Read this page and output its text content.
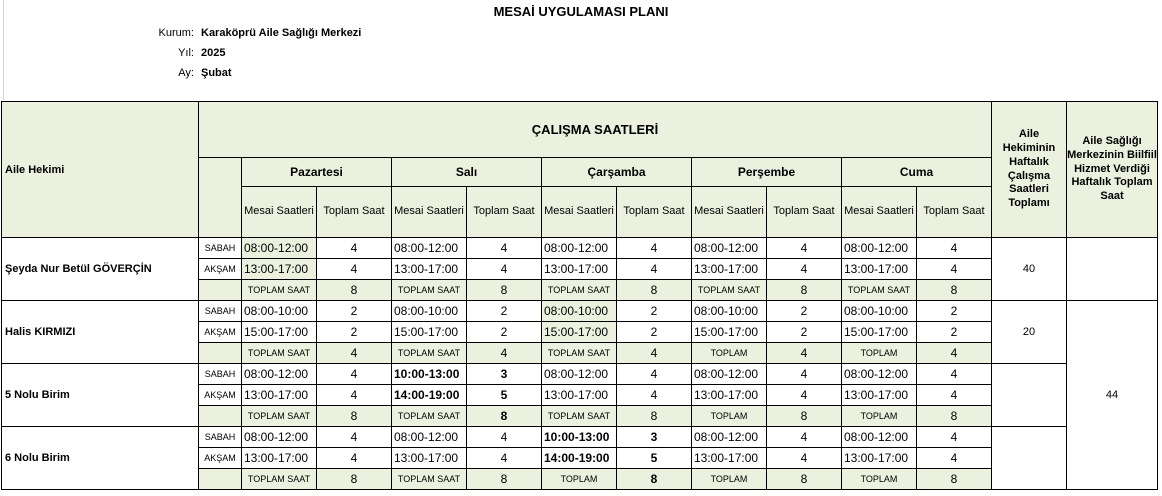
MESAİ UYGULAMASI PLANI
Kurum: Karaköprü Aile Sağlığı Merkezi
Yıl: 2025
Ay: Şubat
Aile Hekimi	ÇALIŞMA SAATLERİ											Aile Hekiminin Haftalık Çalışma Saatleri Toplamı	Aile Sağlığı Merkezinin Biilfiil Hizmet Verdiği Haftalık Toplam Saat
		Pazartesi		Salı		Çarşamba		Perşembe		Cuma			
		Mesai Saatleri	Toplam Saat	Mesai Saatleri	Toplam Saat	Mesai Saatleri	Toplam Saat	Mesai Saatleri	Toplam Saat	Mesai Saatleri	Toplam Saat		
Şeyda Nur Betül GÖVERÇİN	SABAH	08:00-12:00	4	08:00-12:00	4	08:00-12:00	4	08:00-12:00	4	08:00-12:00	4	40	
	AKŞAM	13:00-17:00	4	13:00-17:00	4	13:00-17:00	4	13:00-17:00	4	13:00-17:00	4		
		TOPLAM SAAT	8	TOPLAM SAAT	8	TOPLAM SAAT	8	TOPLAM SAAT	8	TOPLAM SAAT	8		
Halis KIRMIZI	SABAH	08:00-10:00	2	08:00-10:00	2	08:00-10:00	2	08:00-10:00	2	08:00-10:00	2	20	44
	AKŞAM	15:00-17:00	2	15:00-17:00	2	15:00-17:00	2	15:00-17:00	2	15:00-17:00	2		
		TOPLAM SAAT	4	TOPLAM SAAT	4	TOPLAM SAAT	4	TOPLAM	4	TOPLAM	4		
5 Nolu Birim	SABAH	08:00-12:00	4	10:00-13:00	3	08:00-12:00	4	08:00-12:00	4	08:00-12:00	4		
	AKŞAM	13:00-17:00	4	14:00-19:00	5	13:00-17:00	4	13:00-17:00	4	13:00-17:00	4		
		TOPLAM SAAT	8	TOPLAM SAAT	8	TOPLAM SAAT	8	TOPLAM	8	TOPLAM	8		
6 Nolu Birim	SABAH	08:00-12:00	4	08:00-12:00	4	10:00-13:00	3	08:00-12:00	4	08:00-12:00	4		
	AKŞAM	13:00-17:00	4	13:00-17:00	4	14:00-19:00	5	13:00-17:00	4	13:00-17:00	4		
		TOPLAM SAAT	8	TOPLAM SAAT	8	TOPLAM	8	TOPLAM	8	TOPLAM	8		
